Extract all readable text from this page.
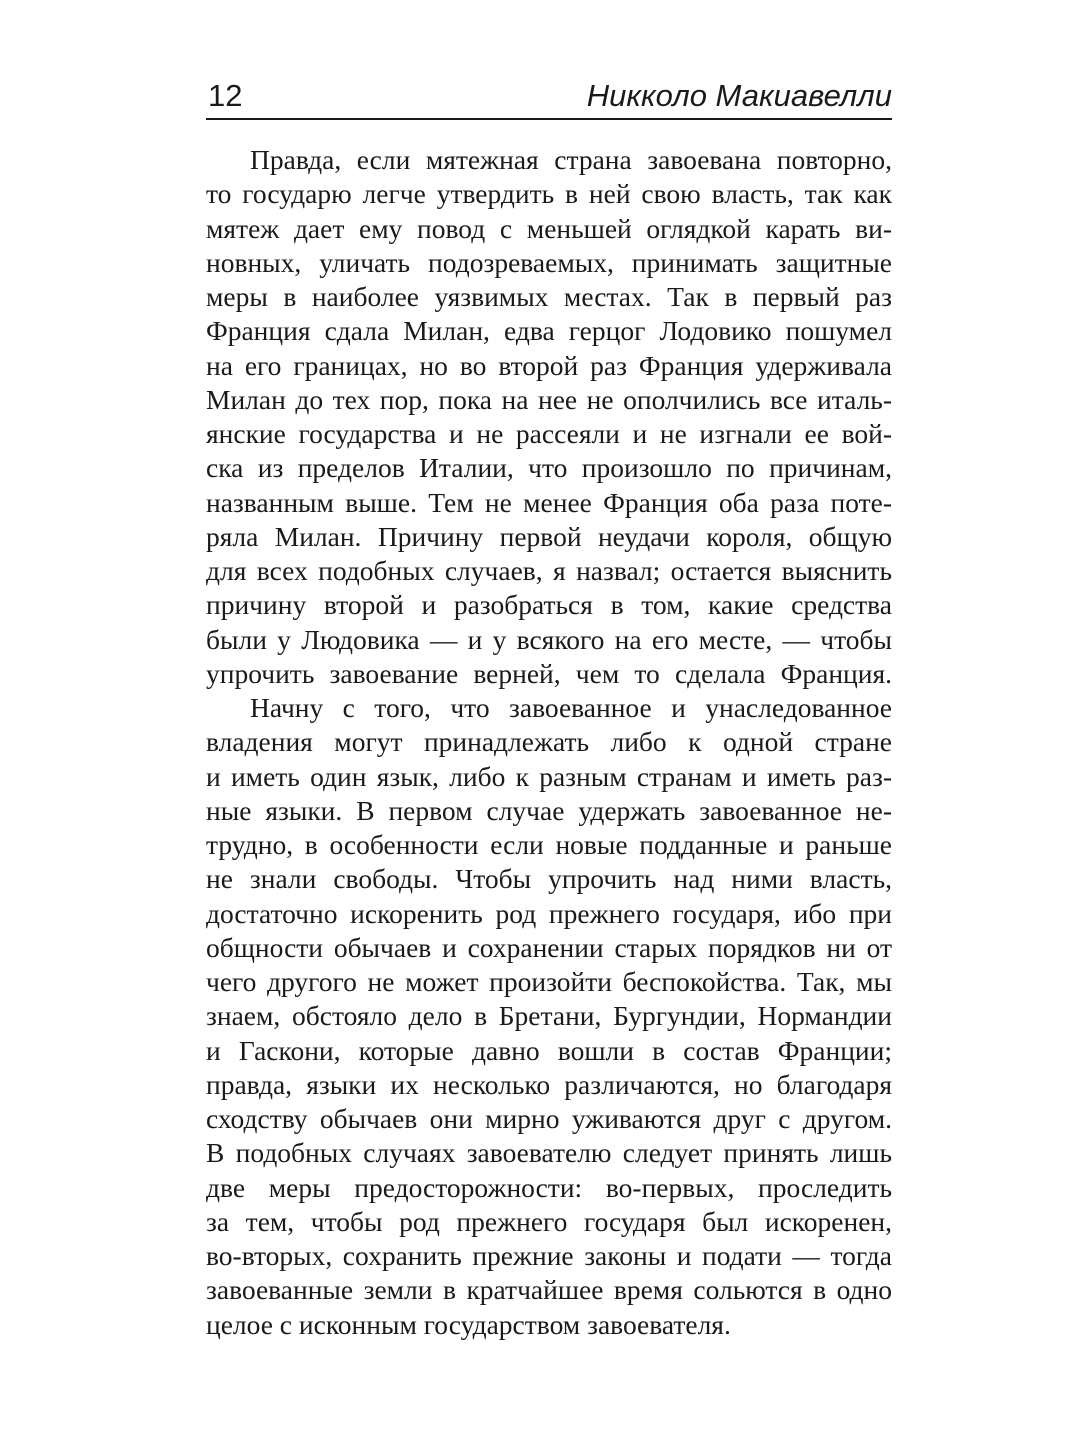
12	Никколо Макиавелли
Правда, если мятежная страна завоевана повторно,
то государю легче утвердить в ней свою власть, так как
мятеж дает ему повод с меньшей оглядкой карать ви-
новных, уличать подозреваемых, принимать защитные
меры в наиболее уязвимых местах. Так в первый раз
Франция сдала Милан, едва герцог Лодовико пошумел
на его границах, но во второй раз Франция удерживала
Милан до тех пор, пока на нее не ополчились все италь-
янские государства и не рассеяли и не изгнали ее вой-
ска из пределов Италии, что произошло по причинам,
названным выше. Тем не менее Франция оба раза поте-
ряла Милан. Причину первой неудачи короля, общую
для всех подобных случаев, я назвал; остается выяснить
причину второй и разобраться в том, какие средства
были у Людовика — и у всякого на его месте, — чтобы
упрочить завоевание верней, чем то сделала Франция.
Начну с того, что завоеванное и унаследованное
владения могут принадлежать либо к одной стране
и иметь один язык, либо к разным странам и иметь раз-
ные языки. В первом случае удержать завоеванное не-
трудно, в особенности если новые подданные и раньше
не знали свободы. Чтобы упрочить над ними власть,
достаточно искоренить род прежнего государя, ибо при
общности обычаев и сохранении старых порядков ни от
чего другого не может произойти беспокойства. Так, мы
знаем, обстояло дело в Бретани, Бургундии, Нормандии
и Гаскони, которые давно вошли в состав Франции;
правда, языки их несколько различаются, но благодаря
сходству обычаев они мирно уживаются друг с другом.
В подобных случаях завоевателю следует принять лишь
две меры предосторожности: во-первых, проследить
за тем, чтобы род прежнего государя был искоренен,
во-вторых, сохранить прежние законы и подати — тогда
завоеванные земли в кратчайшее время сольются в одно
целое с исконным государством завоевателя.
